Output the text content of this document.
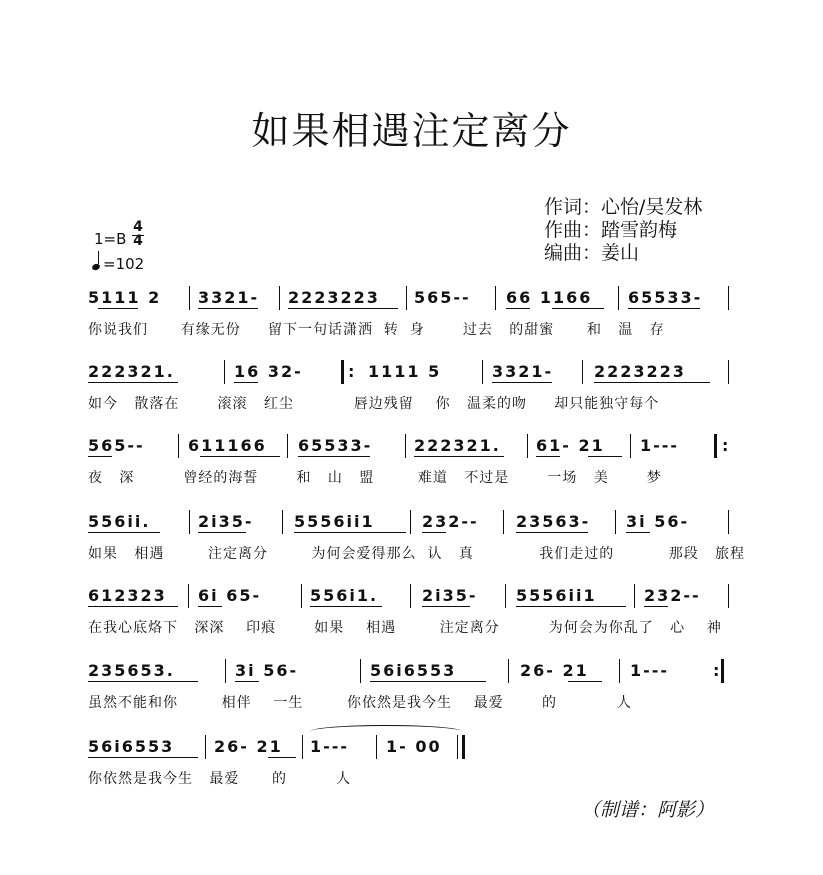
如果相遇注定离分
作词：心怡/吴发林
作曲：踏雪韵梅
编曲：姜山
1=B
4
4
=102
5111 2 3321- 2223223 565-- 66 1166 65533-
你说我们      有缘无份     留下一句话潇洒  转  身       过去   的甜蜜      和   温   存
222321.	16 32-	: 1111 5	3321-	2223223
如今   散落在       滚滚   红尘           唇边残留    你   温柔的吻     却只能独守每个
565--	611166 65533-	222321. 61- 21 1---	:
夜   深         曾经的海誓       和   山   盟        难道   不过是       一场   美       梦
556ii.	2i35-	5556ii1	232-- 23563- 3i 56-
如果   相遇        注定离分        为何会爱得那么  认   真            我们走过的          那段   旅程
612323 6i 65-	556i1.	2i35- 5556ii1	232--
在我心底烙下   深深    印痕       如果    相遇        注定离分         为何会为你乱了   心    神
235653.	3i 56-	56i6553	26- 21	1---	:
虽然不能和你        相伴    一生        你依然是我今生    最爱       的           人
56i6553 26- 21 1--- 1- 00
你依然是我今生   最爱      的         人
（制谱：阿影）
